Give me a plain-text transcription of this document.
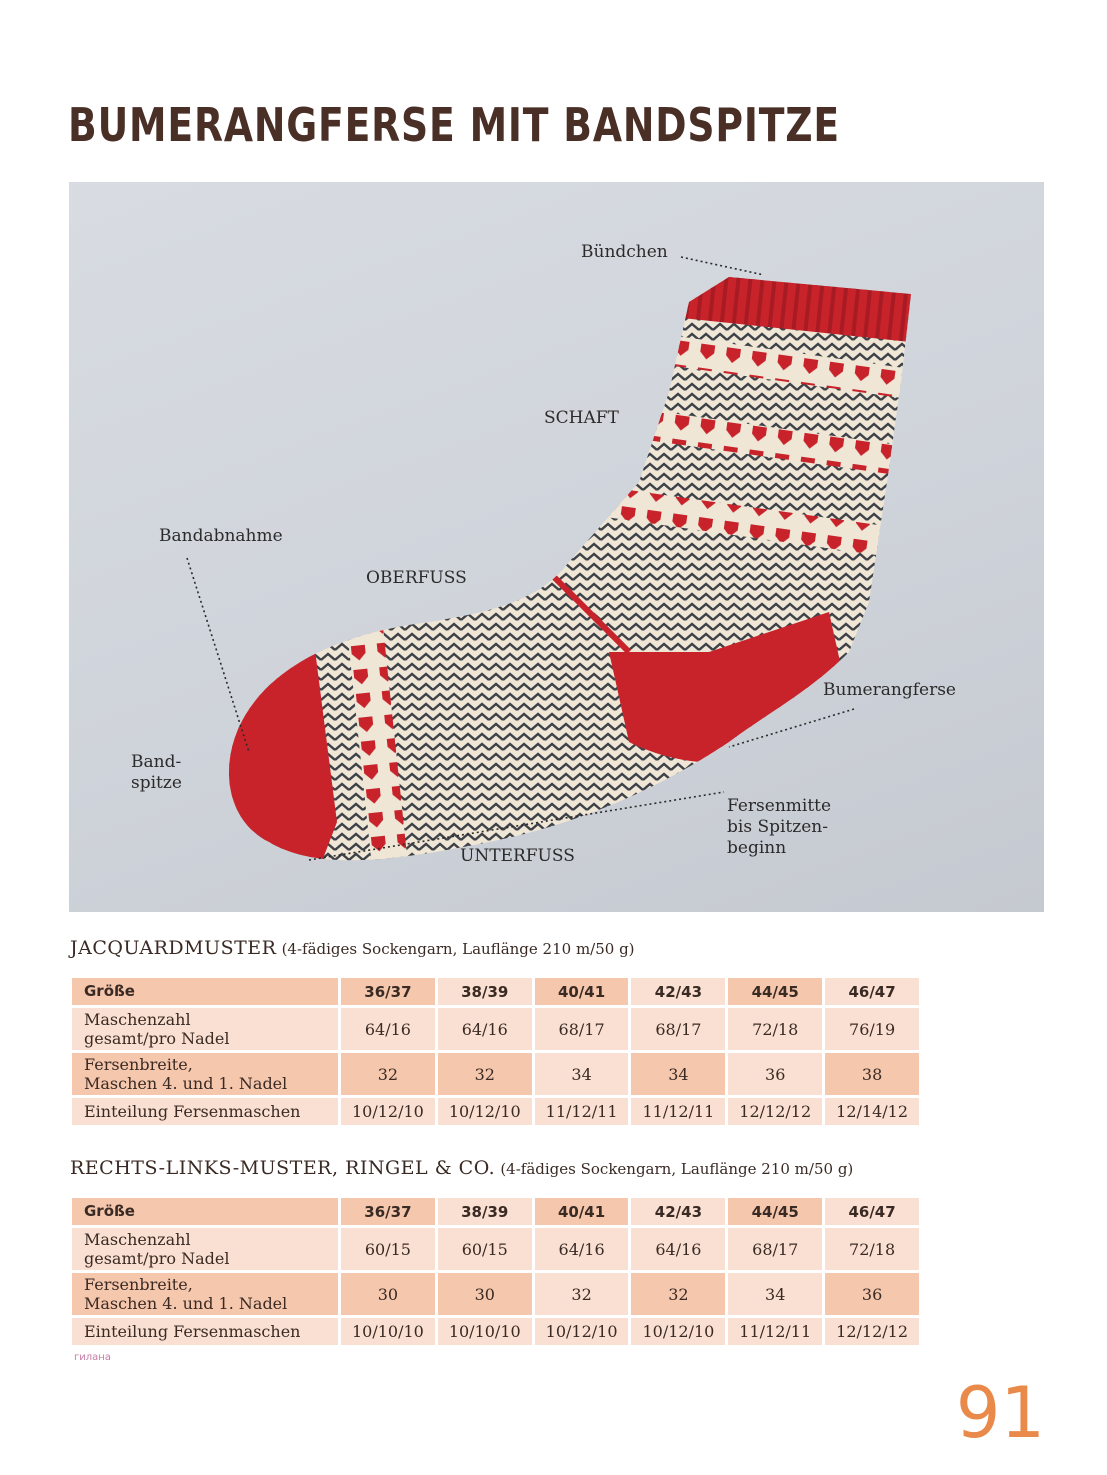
BUMERANGFERSE MIT BANDSPITZE
Bündchen
SCHAFT
Bandabnahme
OBERFUSS
Bumerangferse
Band-
spitze
Fersenmitte
bis Spitzen-
beginn
UNTERFUSS
JACQUARDMUSTER (4-fädiges Sockengarn, Lauflänge 210 m/50 g)
Größe	36/37	38/39	40/41	42/43	44/45	46/47
Maschenzahl
gesamt/pro Nadel	64/16	64/16	68/17	68/17	72/18	76/19
Fersenbreite,
Maschen 4. und 1. Nadel	32	32	34	34	36	38
Einteilung Fersenmaschen	10/12/10	10/12/10	11/12/11	11/12/11	12/12/12	12/14/12
RECHTS-LINKS-MUSTER, RINGEL & CO. (4-fädiges Sockengarn, Lauflänge 210 m/50 g)
Größe	36/37	38/39	40/41	42/43	44/45	46/47
Maschenzahl
gesamt/pro Nadel	60/15	60/15	64/16	64/16	68/17	72/18
Fersenbreite,
Maschen 4. und 1. Nadel	30	30	32	32	34	36
Einteilung Fersenmaschen	10/10/10	10/10/10	10/12/10	10/12/10	11/12/11	12/12/12
гилана
91
